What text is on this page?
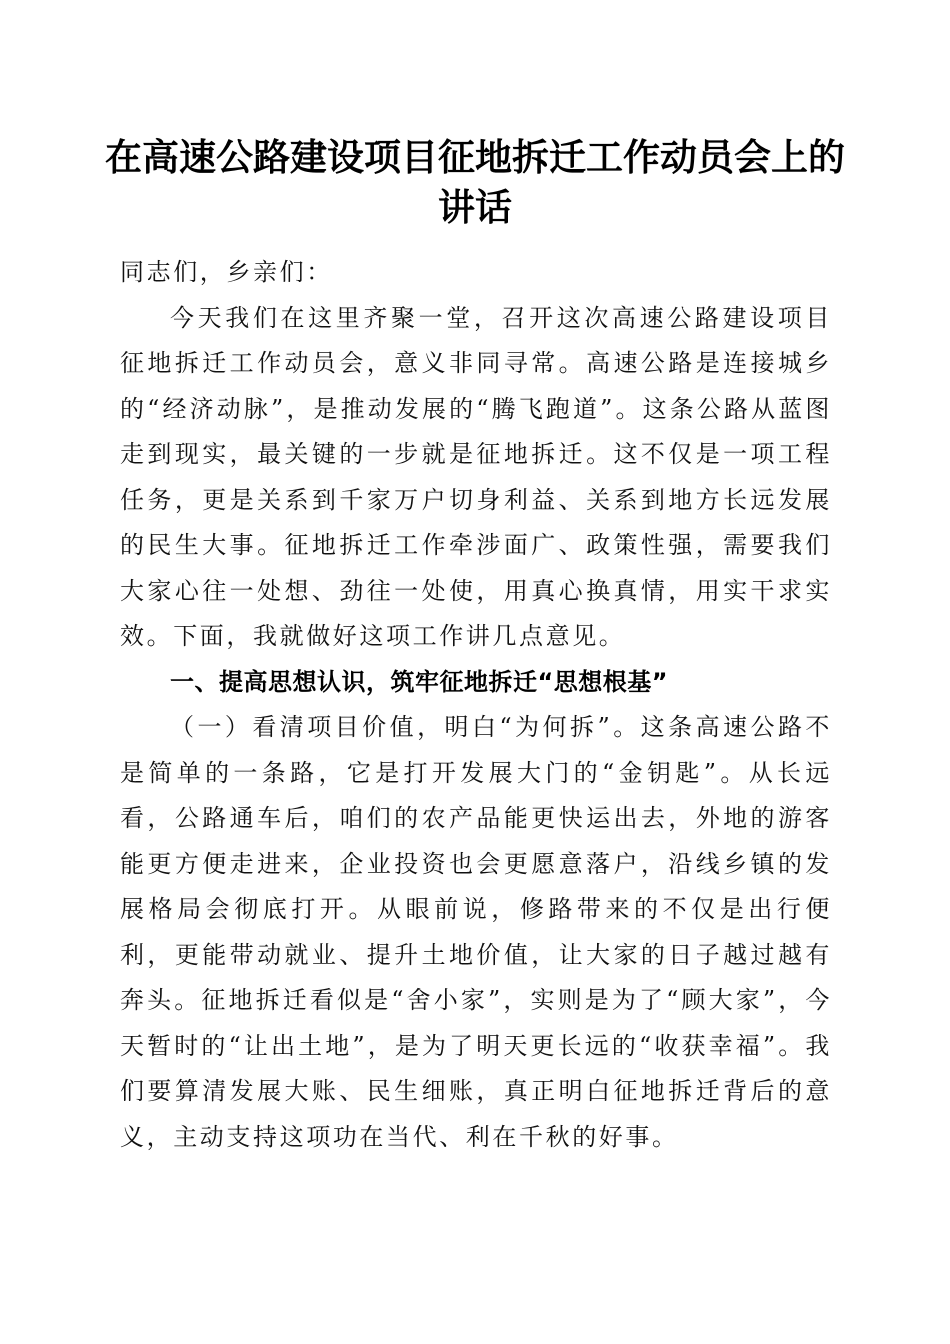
在高速公路建设项目征地拆迁工作动员会上的讲话

同志们，乡亲们：

今天我们在这里齐聚一堂，召开这次高速公路建设项目征地拆迁工作动员会，意义非同寻常。高速公路是连接城乡的“经济动脉”，是推动发展的“腾飞跑道”。这条公路从蓝图走到现实，最关键的一步就是征地拆迁。这不仅是一项工程任务，更是关系到千家万户切身利益、关系到地方长远发展的民生大事。征地拆迁工作牵涉面广、政策性强，需要我们大家心往一处想、劲往一处使，用真心换真情，用实干求实效。下面，我就做好这项工作讲几点意见。

一、提高思想认识，筑牢征地拆迁“思想根基”

（一）看清项目价值，明白“为何拆”。这条高速公路不是简单的一条路，它是打开发展大门的“金钥匙”。从长远看，公路通车后，咱们的农产品能更快运出去，外地的游客能更方便走进来，企业投资也会更愿意落户，沿线乡镇的发展格局会彻底打开。从眼前说，修路带来的不仅是出行便利，更能带动就业、提升土地价值，让大家的日子越过越有奔头。征地拆迁看似是“舍小家”，实则是为了“顾大家”，今天暂时的“让出土地”，是为了明天更长远的“收获幸福”。我们要算清发展大账、民生细账，真正明白征地拆迁背后的意义，主动支持这项功在当代、利在千秋的好事。
